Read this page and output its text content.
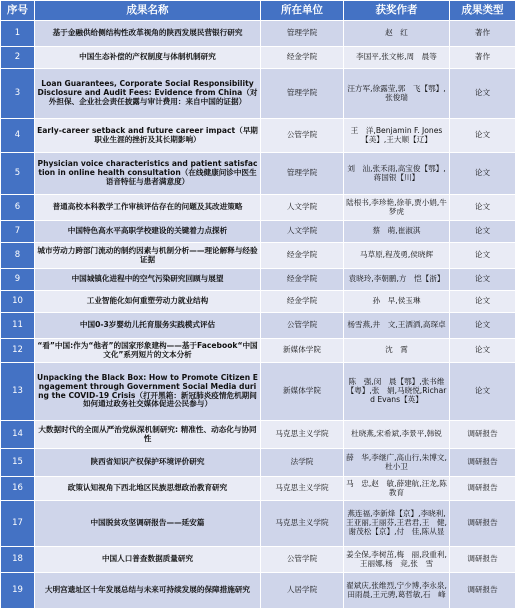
序号	成果名称	所在单位	获奖作者	成果类型
1	基于金融供给侧结构性改革视角的陕西发展民营银行研究	管理学院	赵　红	著作
2	中国生态补偿的产权制度与体制机制研究	经金学院	李国平,张文彬,周　晨等	著作
3	Loan Guarantees, Corporate Social Responsibility Disclosure and Audit Fees: Evidence from China（对外担保、企业社会责任披露与审计费用：来自中国的证据）	管理学院	汪方军,徐露莹,郭　飞【鄂】,张俊瑞	论文
4	Early-career setback and future career impact（早期职业生涯的挫折及其长期影响）	公管学院	王　洋,Benjamin F. Jones【美】,王大顺【辽】	论文
5	Physician voice characteristics and patient satisfaction in online health consultation（在线健康问诊中医生语音特征与患者满意度）	管理学院	刘　汕,张禾雨,高宝俊【鄂】,蒋国银【川】	论文
6	普通高校本科教学工作审核评估存在的问题及其改进策略	人文学院	陆根书,李珍艳,徐菲,贾小娟,牛梦虎	论文
7	中国特色高水平高职学校建设的关键着力点探析	人文学院	蔡　萌,崔淑淇	论文
8	城市劳动力跨部门流动的制约因素与机制分析——理论解释与经验证据	经金学院	马草原,程茂勇,侯晓辉	论文
9	中国城镇化进程中的空气污染研究回顾与展望	经金学院	袁晓玲,李朝鹏,方　恺【浙】	论文
10	工业智能化如何重塑劳动力就业结构	经金学院	孙　早,侯玉琳	论文
11	中国0-3岁婴幼儿托育服务实践模式评估	公管学院	杨雪燕,井　文,王洒洒,高琛卓	论文
12	“看”中国:作为“他者”的国家形象建构——基于Facebook“中国文化”系列短片的文本分析	新媒体学院	沈　霄	论文
13	Unpacking the Black Box: How to Promote Citizen Engagement through Government Social Media during the COVID-19 Crisis（打开黑箱：新冠肺炎疫情危机期间如何通过政务社交媒体促进公民参与）	新媒体学院	陈　强,闵　晨【鄂】,张书维【粤】,张　娟,马晓悦,Richard Evans【英】	论文
14	大数据时代的全面从严治党纵深机制研究: 精准性、动态化与协同性	马克思主义学院	杜晓燕,宋希斌,李景平,韩锐	调研报告
15	陕西省知识产权保护环境评价研究	法学院	薛　华,李继广,高山行,朱博文,杜小卫	调研报告
16	政策认知视角下西北地区民族思想政治教育研究	马克思主义学院	马　忠,赵　敏,薛建航,汪龙,陈教育	调研报告
17	中国脱贫攻坚调研报告——延安篇	马克思主义学院	燕连福,李新烽【京】,李晓利,王亚丽,王丽芬,王君君,王　健,谢茂松【京】,付　佳,陈从显	调研报告
18	中国人口普查数据质量研究	公管学院	姜全保,李树茁,梅　丽,段重利,王丽娜,杨　竞,张　雪	调研报告
19	大明宫遗址区十年发展总结与未来可持续发展的保障措施研究	人居学院	翟斌庆,张维烈,宁少博,李永泉,田雨晨,王元骋,葛哲敏,石　峰	调研报告
